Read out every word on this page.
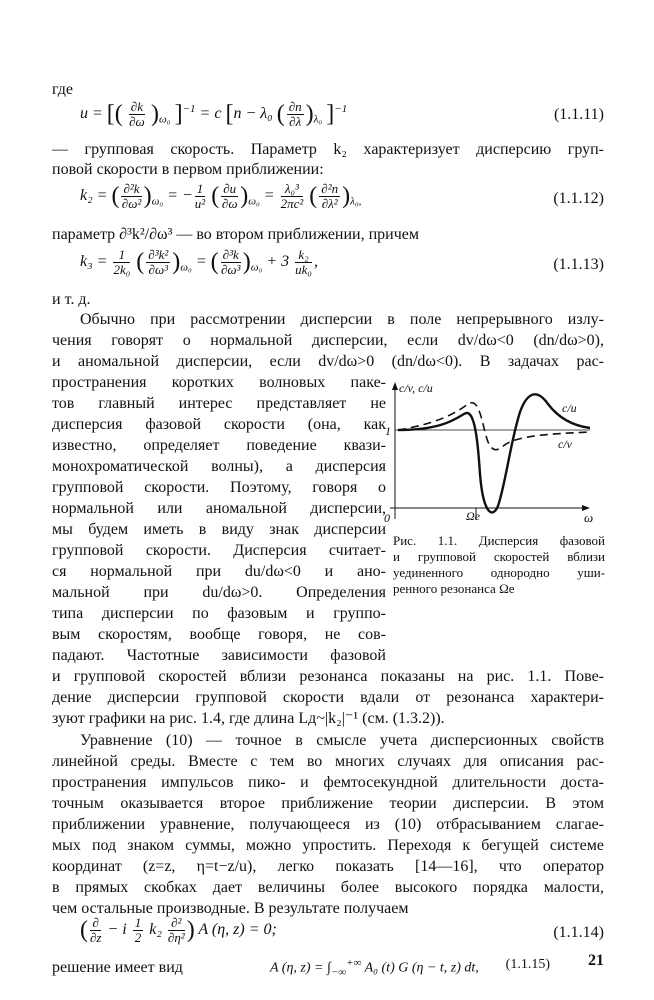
где
u = [( $\frac{\partial k}{\partial\omega} )_{\omega_0}$ ]$^{-1}$ = c [n − λ₀ ( $\frac{\partial n}{\partial\lambda} )_{\lambda_0}$ ]$^{-1}$	(1.1.11)
— групповая скорость. Параметр k₂ характеризует дисперсию груп-
повой скорости в первом приближении:
k₂ = ( $\frac{\text{∂²k}}{\text{∂ω²}} )_{\omega_0}$ = − $\frac{1}{\text{u²}}$ ( $\frac{\partial u}{\partial\omega} )_{\omega_0} = \frac{\text{λ₀³}}{\text{2πc²}}$ ( $\frac{\text{∂²n}}{\text{∂λ²}} )_{\lambda_0,}$	(1.1.12)
параметр ∂³k²/∂ω³ — во втором приближении, причем
$k_3 = \frac{1}{\text{2k₀}}$ ( $\frac{\text{∂³k²}}{\text{∂ω³}} )_{\omega_0}$ = ( $\frac{\text{∂³k}}{\text{∂ω³}} )_{\omega_0} + 3 \frac{\text{k₂}}{\text{uk₀}}$ ,	(1.1.13)
и т. д.
Обычно при рассмотрении дисперсии в поле непрерывного излу-
чения говорят о нормальной дисперсии, если dv/dω<0 (dn/dω>0),
и аномальной дисперсии, если dv/dω>0 (dn/dω<0). В задачах рас-
пространения коротких волновых паке-
тов главный интерес представляет не
дисперсия фазовой скорости (она, как
известно, определяет поведение квази-
монохроматической волны), а дисперсия
групповой скорости. Поэтому, говоря о
нормальной или аномальной дисперсии,
мы будем иметь в виду знак дисперсии
групповой скорости. Дисперсия считает-
ся нормальной при du/dω<0 и ано-
мальной при du/dω>0. Определения
типа дисперсии по фазовым и группо-
вым скоростям, вообще говоря, не сов-
падают. Частотные зависимости фазовой
и групповой скоростей вблизи резонанса показаны на рис. 1.1. Пове-
дение дисперсии групповой скорости вдали от резонанса характери-
зуют графики на рис. 1.4, где длина Lд~|k₂|⁻¹ (см. (1.3.2)).
c/v, c/u
1
0	Ωe	ω
c/u
c/v
Рис. 1.1. Дисперсия фазовой
и групповой скоростей вблизи
уединенного однородно уши-
ренного резонанса Ωe
Уравнение (10) — точное в смысле учета дисперсионных свойств
линейной среды. Вместе с тем во многих случаях для описания рас-
пространения импульсов пико- и фемтосекундной длительности доста-
точным оказывается второе приближение теории дисперсии. В этом
приближении уравнение, получающееся из (10) отбрасыванием слагае-
мых под знаком суммы, можно упростить. Переходя к бегущей системе
координат (z=z, η=t−z/u), легко показать [14—16], что оператор
в прямых скобках дает величины более высокого порядка малости,
чем остальные производные. В результате получаем
( ∂
∂z − i $\frac{1}{2} k_2$ ∂²
∂η² ) A (η, z) = 0;	(1.1.14)
решение имеет вид	A (η, $z) = \int_{-\infty}^{+\infty}$ A₀ (t) G (η − t, z) dt, (1.1.15) 21
